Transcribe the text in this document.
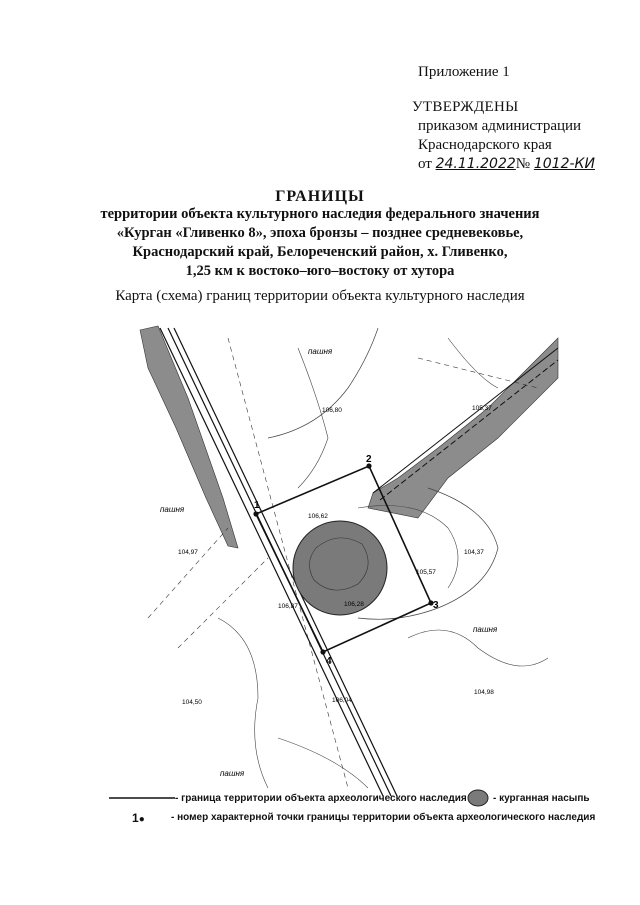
Приложение 1
УТВЕРЖДЕНЫ
приказом администрации
Краснодарского края
от 24.11.2022№ 1012-КИ
ГРАНИЦЫ
территории объекта культурного наследия федерального значения
«Курган «Гливенко 8», эпоха бронзы – позднее средневековье,
Краснодарский край, Белореченский район, х. Гливенко,
1,25 км к востоко–юго–востоку от хутора
Карта (схема) границ территории объекта культурного наследия
1
2
3
4
пашня
пашня
пашня
пашня
106,80	105,37
106,62
104,97
105,57
104,37
106,28
106,87
104,50	106,04
104,98
- граница территории объекта археологического наследия	- курганная насыпь
1●	- номер характерной точки границы территории объекта археологического наследия
